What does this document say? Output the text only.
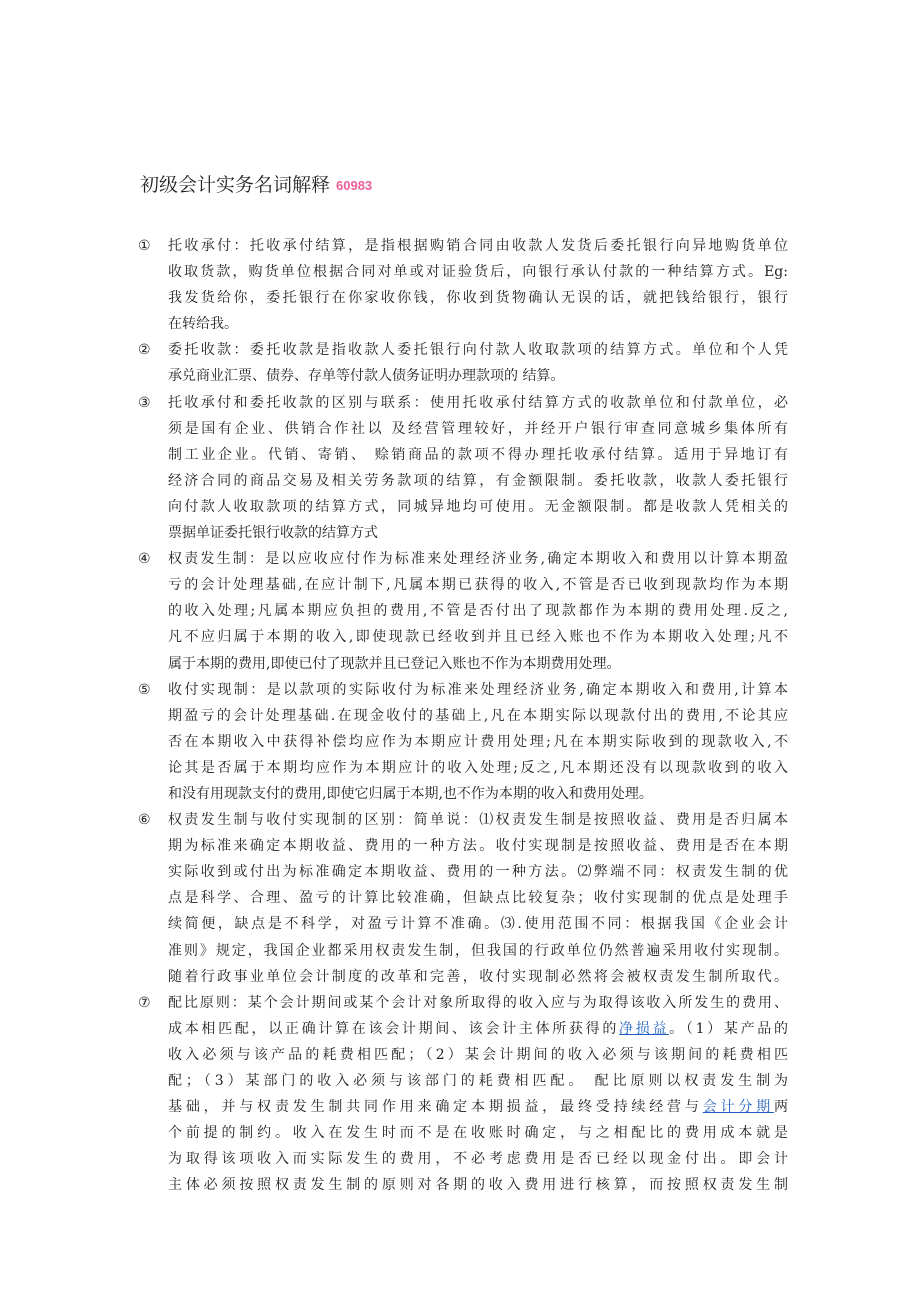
初级会计实务名词解释 60983
①	托收承付：托收承付结算，是指根据购销合同由收款人发货后委托银行向异地购货单位
收取货款，购货单位根据合同对单或对证验货后，向银行承认付款的一种结算方式。Eg:
我发货给你，委托银行在你家收你钱，你收到货物确认无误的话，就把钱给银行，银行
在转给我。
②	委托收款：委托收款是指收款人委托银行向付款人收取款项的结算方式。单位和个人凭
承兑商业汇票、债券、存单等付款人债务证明办理款项的 结算。
③	托收承付和委托收款的区别与联系：使用托收承付结算方式的收款单位和付款单位，必
须是国有企业、供销合作社以 及经营管理较好，并经开户银行审查同意城乡集体所有
制工业企业。代销、寄销、 赊销商品的款项不得办理托收承付结算。适用于异地订有
经济合同的商品交易及相关劳务款项的结算，有金额限制。委托收款，收款人委托银行
向付款人收取款项的结算方式，同城异地均可使用。无金额限制。都是收款人凭相关的
票据单证委托银行收款的结算方式
④	权责发生制：是以应收应付作为标准来处理经济业务,确定本期收入和费用以计算本期盈
亏的会计处理基础,在应计制下,凡属本期已获得的收入,不管是否已收到现款均作为本期
的收入处理;凡属本期应负担的费用,不管是否付出了现款都作为本期的费用处理.反之,
凡不应归属于本期的收入,即使现款已经收到并且已经入账也不作为本期收入处理;凡不
属于本期的费用,即使已付了现款并且已登记入账也不作为本期费用处理。
⑤	收付实现制：是以款项的实际收付为标准来处理经济业务,确定本期收入和费用,计算本
期盈亏的会计处理基础.在现金收付的基础上,凡在本期实际以现款付出的费用,不论其应
否在本期收入中获得补偿均应作为本期应计费用处理;凡在本期实际收到的现款收入,不
论其是否属于本期均应作为本期应计的收入处理;反之,凡本期还没有以现款收到的收入
和没有用现款支付的费用,即使它归属于本期,也不作为本期的收入和费用处理。
⑥	权责发生制与收付实现制的区别：简单说：⑴权责发生制是按照收益、费用是否归属本
期为标准来确定本期收益、费用的一种方法。收付实现制是按照收益、费用是否在本期
实际收到或付出为标准确定本期收益、费用的一种方法。⑵弊端不同：权责发生制的优
点是科学、合理、盈亏的计算比较准确，但缺点比较复杂；收付实现制的优点是处理手
续简便，缺点是不科学，对盈亏计算不准确。⑶.使用范围不同：根据我国《企业会计
准则》规定，我国企业都采用权责发生制，但我国的行政单位仍然普遍采用收付实现制。
随着行政事业单位会计制度的改革和完善，收付实现制必然将会被权责发生制所取代。
⑦	配比原则：某个会计期间或某个会计对象所取得的收入应与为取得该收入所发生的费用、
成本相匹配，以正确计算在该会计期间、该会计主体所获得的净损益。（1）某产品的
收入必须与该产品的耗费相匹配；（2）某会计期间的收入必须与该期间的耗费相匹
配；（3）某部门的收入必须与该部门的耗费相匹配。 配比原则以权责发生制为
基础，并与权责发生制共同作用来确定本期损益，最终受持续经营与会计分期两
个前提的制约。收入在发生时而不是在收账时确定，与之相配比的费用成本就是
为取得该项收入而实际发生的费用，不必考虑费用是否已经以现金付出。即会计
主体必须按照权责发生制的原则对各期的收入费用进行核算，而按照权责发生制
